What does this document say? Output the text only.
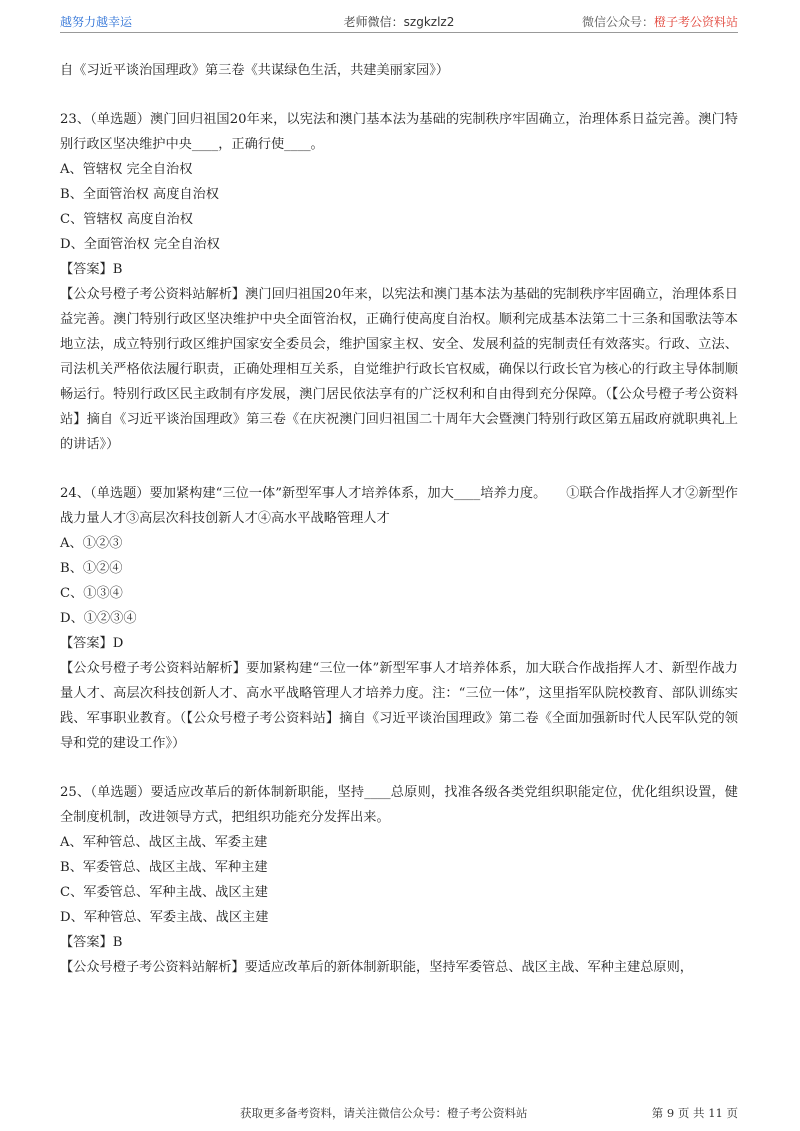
越努力越幸运	老师微信：szgkzlz2	微信公众号：橙子考公资料站

自《习近平谈治国理政》第三卷《共谋绿色生活，共建美丽家园》）

23、（单选题）澳门回归祖国20年来，以宪法和澳门基本法为基础的宪制秩序牢固确立，治理体系日益完善。澳门特别行政区坚决维护中央____，正确行使____。

A、管辖权 完全自治权

B、全面管治权 高度自治权

C、管辖权 高度自治权

D、全面管治权 完全自治权

【答案】B

【公众号橙子考公资料站解析】澳门回归祖国20年来，以宪法和澳门基本法为基础的宪制秩序牢固确立，治理体系日益完善。澳门特别行政区坚决维护中央全面管治权，正确行使高度自治权。顺利完成基本法第二十三条和国歌法等本地立法，成立特别行政区维护国家安全委员会，维护国家主权、安全、发展利益的宪制责任有效落实。行政、立法、司法机关严格依法履行职责，正确处理相互关系，自觉维护行政长官权威，确保以行政长官为核心的行政主导体制顺畅运行。特别行政区民主政制有序发展，澳门居民依法享有的广泛权利和自由得到充分保障。（【公众号橙子考公资料站】摘自《习近平谈治国理政》第三卷《在庆祝澳门回归祖国二十周年大会暨澳门特别行政区第五届政府就职典礼上的讲话》）

24、（单选题）要加紧构建“三位一体”新型军事人才培养体系，加大____培养力度。　　①联合作战指挥人才②新型作战力量人才③高层次科技创新人才④高水平战略管理人才

A、①②③

B、①②④

C、①③④

D、①②③④

【答案】D

【公众号橙子考公资料站解析】要加紧构建“三位一体”新型军事人才培养体系，加大联合作战指挥人才、新型作战力量人才、高层次科技创新人才、高水平战略管理人才培养力度。注：“三位一体”，这里指军队院校教育、部队训练实践、军事职业教育。（【公众号橙子考公资料站】摘自《习近平谈治国理政》第二卷《全面加强新时代人民军队党的领导和党的建设工作》）

25、（单选题）要适应改革后的新体制新职能，坚持____总原则，找准各级各类党组织职能定位，优化组织设置，健全制度机制，改进领导方式，把组织功能充分发挥出来。

A、军种管总、战区主战、军委主建

B、军委管总、战区主战、军种主建

C、军委管总、军种主战、战区主建

D、军种管总、军委主战、战区主建

【答案】B

【公众号橙子考公资料站解析】要适应改革后的新体制新职能，坚持军委管总、战区主战、军种主建总原则，

获取更多备考资料，请关注微信公众号：橙子考公资料站	第 9 页 共 11 页
